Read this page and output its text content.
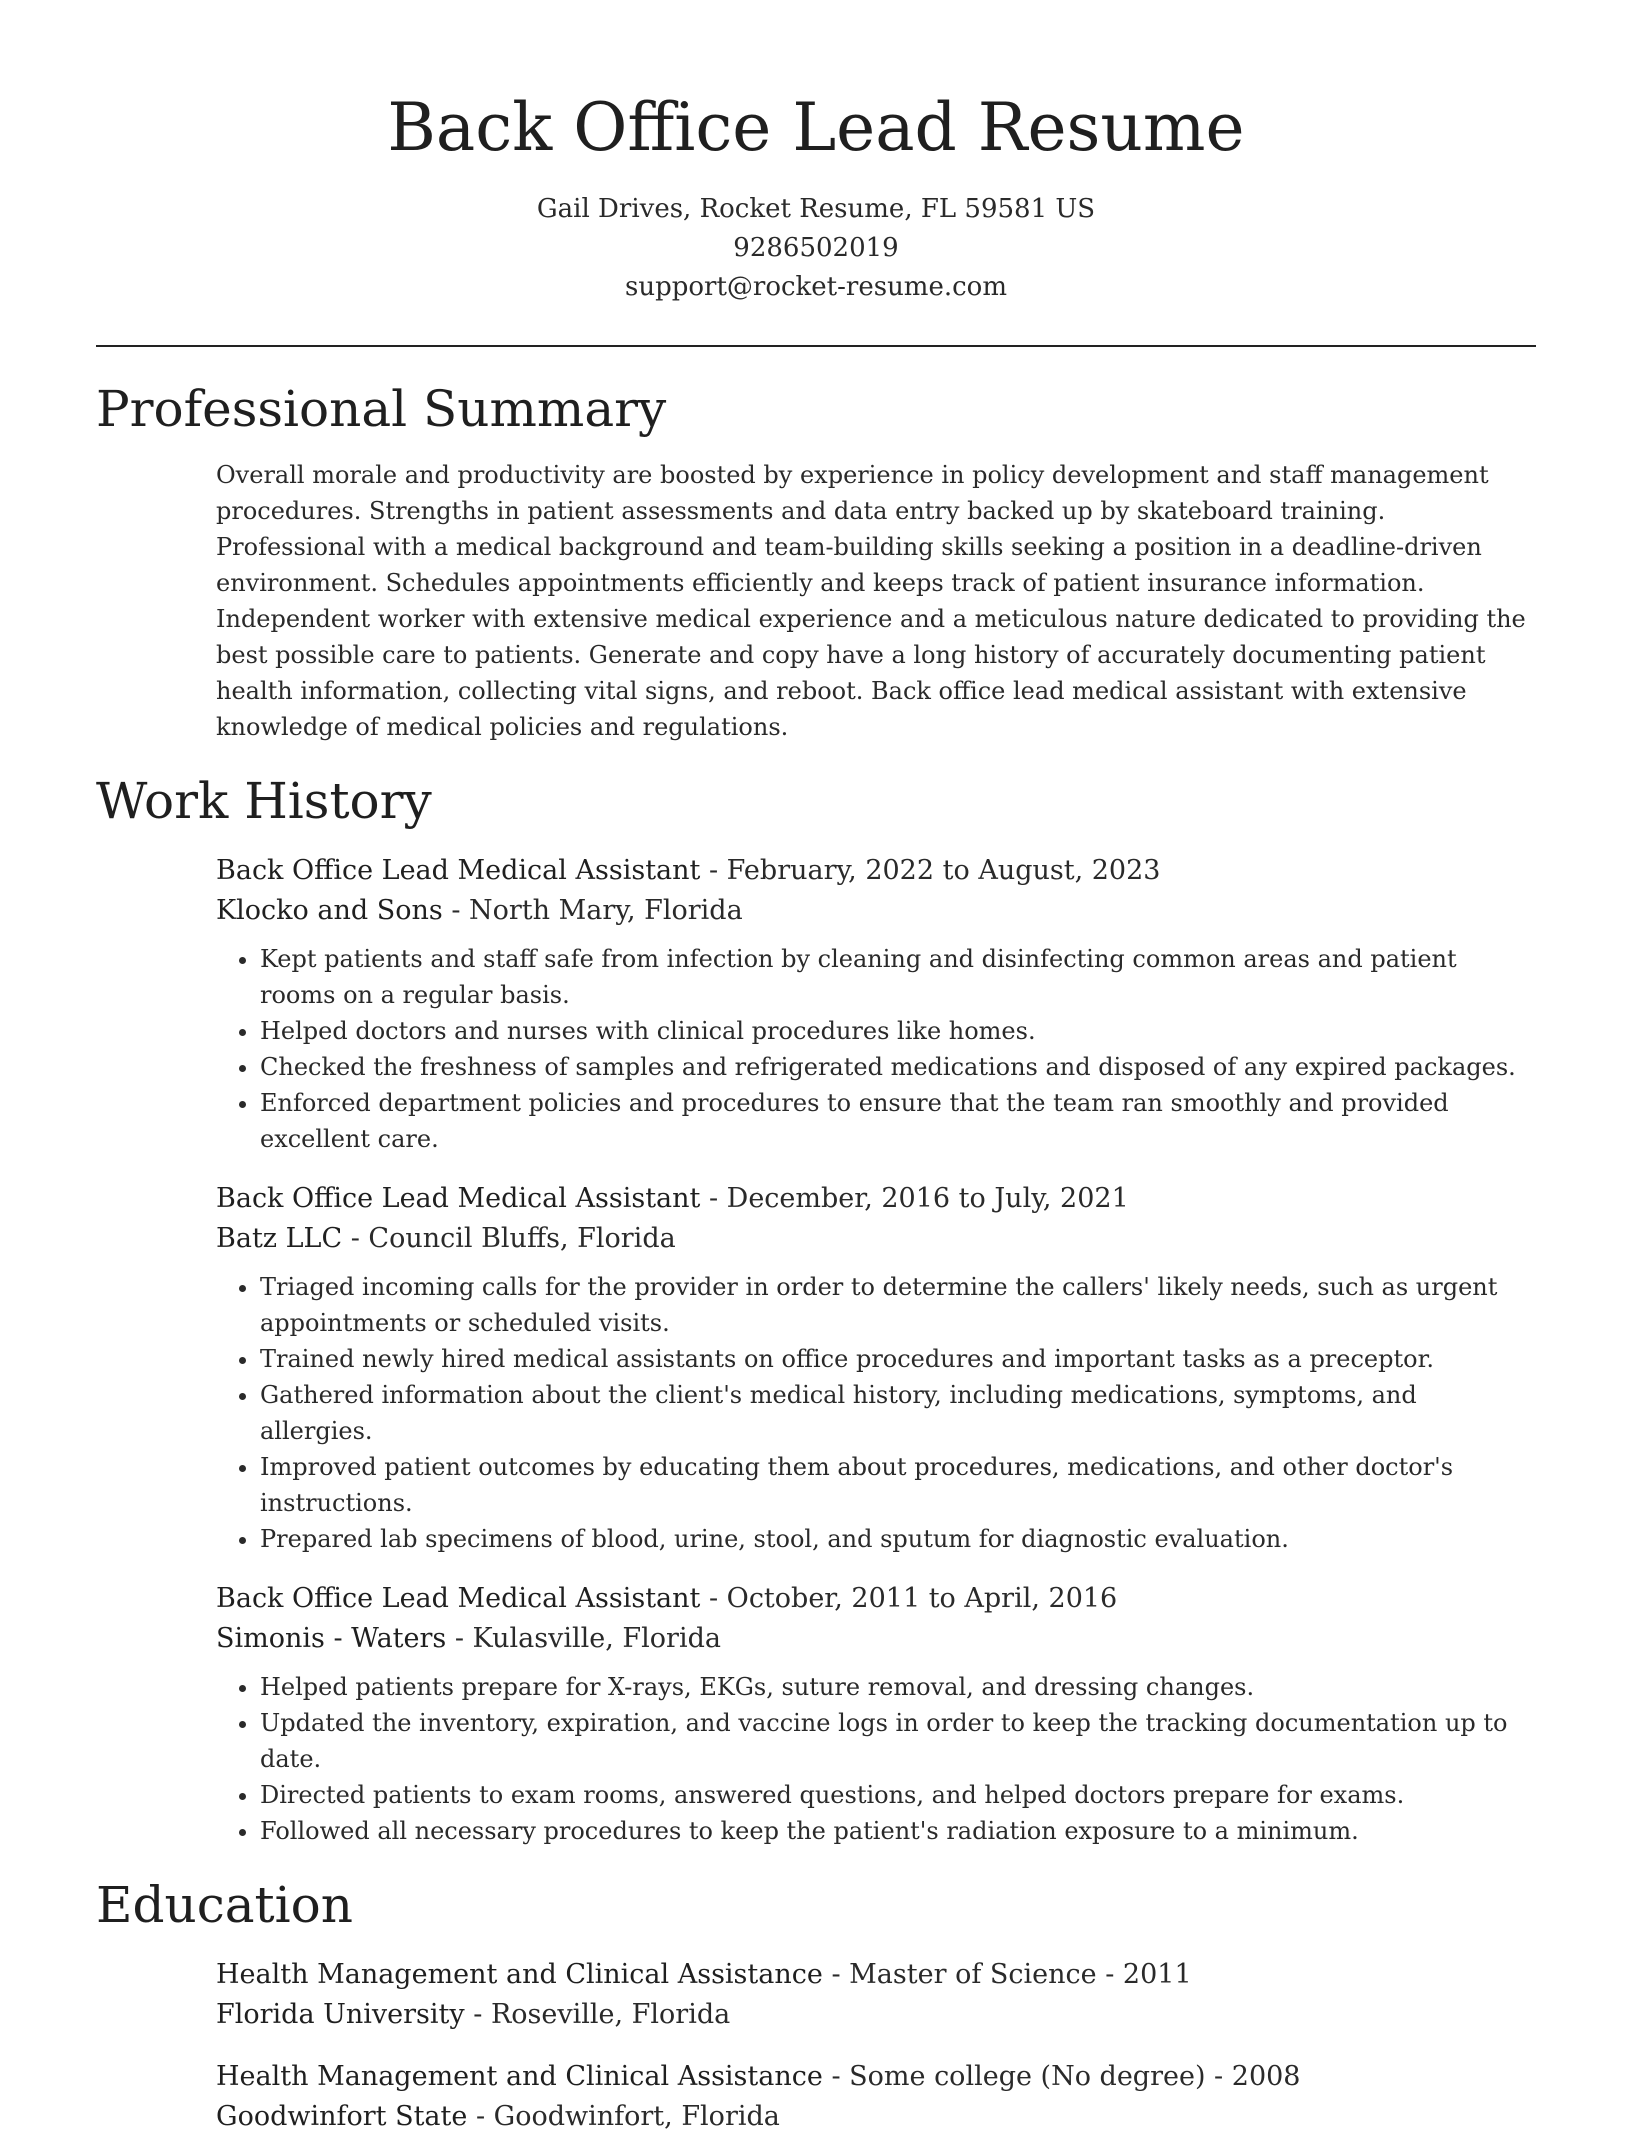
Back Office Lead Resume
Gail Drives, Rocket Resume, FL 59581 US
9286502019
support@rocket-resume.com
Professional Summary

Overall morale and productivity are boosted by experience in policy development and staff management procedures. Strengths in patient assessments and data entry backed up by skateboard training. Professional with a medical background and team-building skills seeking a position in a deadline-driven environment. Schedules appointments efficiently and keeps track of patient insurance information. Independent worker with extensive medical experience and a meticulous nature dedicated to providing the best possible care to patients. Generate and copy have a long history of accurately documenting patient health information, collecting vital signs, and reboot. Back office lead medical assistant with extensive knowledge of medical policies and regulations.

Work History
Back Office Lead Medical Assistant - February, 2022 to August, 2023
Klocko and Sons - North Mary, Florida
• Kept patients and staff safe from infection by cleaning and disinfecting common areas and patient rooms on a regular basis.
• Helped doctors and nurses with clinical procedures like homes.
• Checked the freshness of samples and refrigerated medications and disposed of any expired packages.
• Enforced department policies and procedures to ensure that the team ran smoothly and provided excellent care.
Back Office Lead Medical Assistant - December, 2016 to July, 2021
Batz LLC - Council Bluffs, Florida
• Triaged incoming calls for the provider in order to determine the callers' likely needs, such as urgent appointments or scheduled visits.
• Trained newly hired medical assistants on office procedures and important tasks as a preceptor.
• Gathered information about the client's medical history, including medications, symptoms, and allergies.
• Improved patient outcomes by educating them about procedures, medications, and other doctor's instructions.
• Prepared lab specimens of blood, urine, stool, and sputum for diagnostic evaluation.
Back Office Lead Medical Assistant - October, 2011 to April, 2016
Simonis - Waters - Kulasville, Florida
• Helped patients prepare for X-rays, EKGs, suture removal, and dressing changes.
• Updated the inventory, expiration, and vaccine logs in order to keep the tracking documentation up to date.
• Directed patients to exam rooms, answered questions, and helped doctors prepare for exams.
• Followed all necessary procedures to keep the patient's radiation exposure to a minimum.
Education
Health Management and Clinical Assistance - Master of Science - 2011
Florida University - Roseville, Florida
Health Management and Clinical Assistance - Some college (No degree) - 2008
Goodwinfort State - Goodwinfort, Florida
